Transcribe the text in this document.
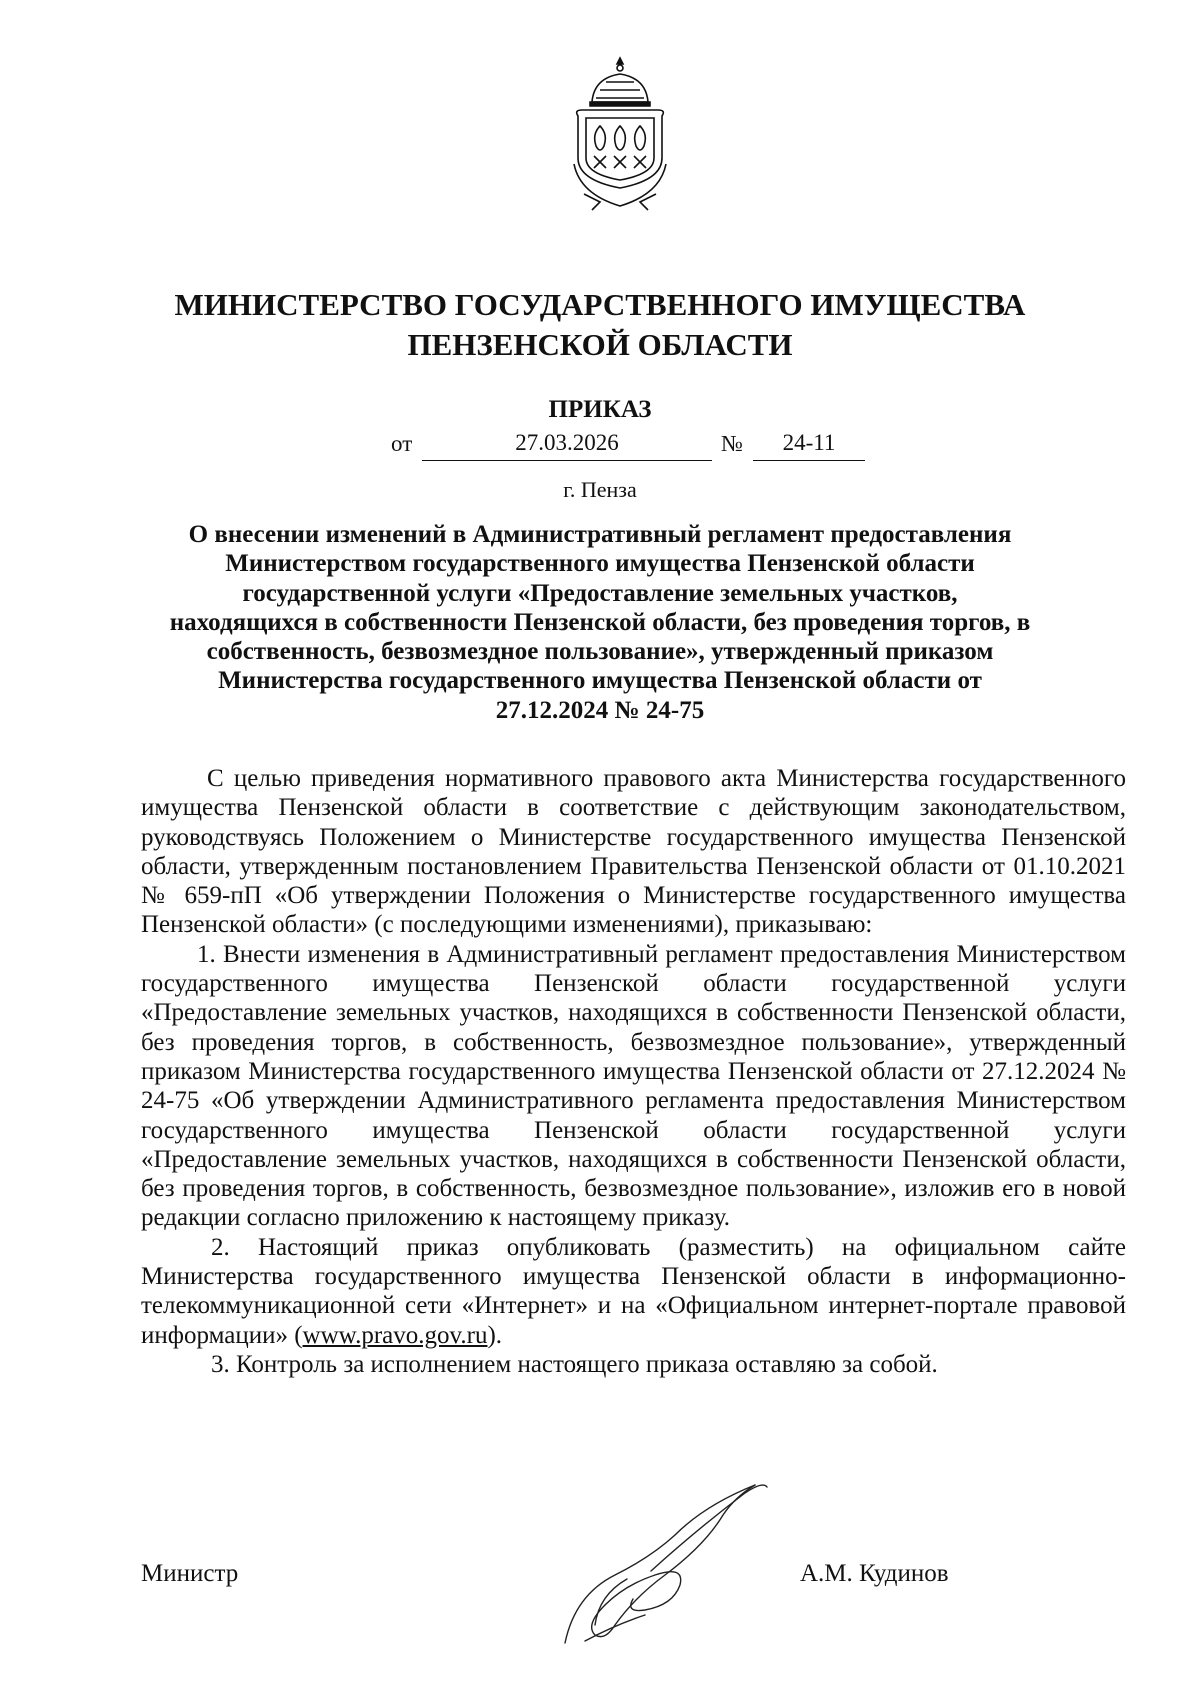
МИНИСТЕРСТВО ГОСУДАРСТВЕННОГО ИМУЩЕСТВА
ПЕНЗЕНСКОЙ ОБЛАСТИ
ПРИКАЗ
от	27.03.2026	№	24-11
г. Пенза
О внесении изменений в Административный регламент предоставления
Министерством государственного имущества Пензенской области
государственной услуги «Предоставление земельных участков,
находящихся в собственности Пензенской области, без проведения торгов, в
собственность, безвозмездное пользование», утвержденный приказом
Министерства государственного имущества Пензенской области от
27.12.2024 № 24-75

С целью приведения нормативного правового акта Министерства государственного имущества Пензенской области в соответствие с действующим законодательством, руководствуясь Положением о Министерстве государственного имущества Пензенской области, утвержденным постановлением Правительства Пензенской области от 01.10.2021 № 659-пП «Об утверждении Положения о Министерстве государственного имущества Пензенской области» (с последующими изменениями), приказываю:

1. Внести изменения в Административный регламент предоставления Министерством государственного имущества Пензенской области государственной услуги «Предоставление земельных участков, находящихся в собственности Пензенской области, без проведения торгов, в собственность, безвозмездное пользование», утвержденный приказом Министерства государственного имущества Пензенской области от 27.12.2024 № 24-75 «Об утверждении Административного регламента предоставления Министерством государственного имущества Пензенской области государственной услуги «Предоставление земельных участков, находящихся в собственности Пензенской области, без проведения торгов, в собственность, безвозмездное пользование», изложив его в новой редакции согласно приложению к настоящему приказу.

2. Настоящий приказ опубликовать (разместить) на официальном сайте Министерства государственного имущества Пензенской области в информационно-телекоммуникационной сети «Интернет» и на «Официальном интернет-портале правовой информации» (www.pravo.gov.ru).

3. Контроль за исполнением настоящего приказа оставляю за собой.

Министр	А.М. Кудинов
